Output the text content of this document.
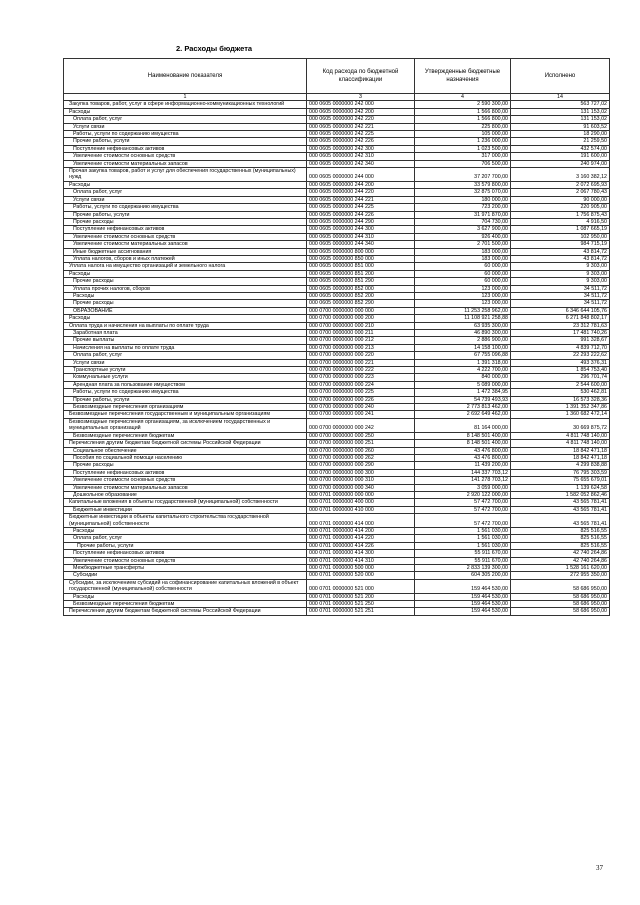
2. Расходы бюджета
Наименование показателя	Код расхода по бюджетной классификации	Утвержденные бюджетные назначения	Исполнено
1	3	4	14
Закупка товаров, работ, услуг в сфере информационно-коммуникационных технологий	000 0605 0000000 242 000	2 590 300,00	563 727,02
Расходы	000 0605 0000000 242 200	1 566 800,00	131 153,02
Оплата работ, услуг	000 0605 0000000 242 220	1 566 800,00	131 153,02
Услуги связи	000 0605 0000000 242 221	225 800,00	91 603,52
Работы, услуги по содержанию имущества	000 0605 0000000 242 225	105 000,00	18 290,00
Прочие работы, услуги	000 0605 0000000 242 226	1 236 000,00	21 259,50
Поступление нефинансовых активов	000 0605 0000000 242 300	1 023 500,00	432 574,00
Увеличение стоимости основных средств	000 0605 0000000 242 310	317 000,00	191 600,00
Увеличение стоимости материальных запасов	000 0605 0000000 242 340	706 500,00	240 974,00
Прочая закупка товаров, работ и услуг для обеспечения государственных (муниципальных) нужд	000 0605 0000000 244 000	37 207 700,00	3 160 382,12
Расходы	000 0605 0000000 244 200	33 579 800,00	2 072 695,93
Оплата работ, услуг	000 0605 0000000 244 220	32 875 070,00	2 067 780,43
Услуги связи	000 0605 0000000 244 221	180 000,00	90 000,00
Работы, услуги по содержанию имущества	000 0605 0000000 244 225	723 200,00	220 905,00
Прочие работы, услуги	000 0605 0000000 244 226	31 971 870,00	1 756 875,43
Прочие расходы	000 0605 0000000 244 290	704 730,00	4 916,50
Поступление нефинансовых активов	000 0605 0000000 244 300	3 627 900,00	1 087 665,19
Увеличение стоимости основных средств	000 0605 0000000 244 310	926 400,00	102 950,00
Увеличение стоимости материальных запасов	000 0605 0000000 244 340	2 701 500,00	984 715,19
Иные бюджетные ассигнования	000 0605 0000000 800 000	183 000,00	43 814,72
Уплата налогов, сборов и иных платежей	000 0605 0000000 850 000	183 000,00	43 814,72
Уплата налога на имущество организаций и земельного налога	000 0605 0000000 851 000	60 000,00	9 303,00
Расходы	000 0605 0000000 851 200	60 000,00	9 303,00
Прочие расходы	000 0605 0000000 851 290	60 000,00	9 303,00
Уплата прочих налогов, сборов	000 0605 0000000 852 000	123 000,00	34 511,72
Расходы	000 0605 0000000 852 200	123 000,00	34 511,72
Прочие расходы	000 0605 0000000 852 290	123 000,00	34 511,72
ОБРАЗОВАНИЕ	000 0700 0000000 000 000	11 253 258 962,00	6 346 644 105,76
Расходы	000 0700 0000000 000 200	11 108 921 258,88	6 271 848 802,17
Оплата труда и начисления на выплаты по оплате труда	000 0700 0000000 000 210	63 935 300,00	23 312 781,63
Заработная плата	000 0700 0000000 000 211	46 890 300,00	17 481 740,26
Прочие выплаты	000 0700 0000000 000 212	2 886 900,00	991 328,67
Начисления на выплаты по оплате труда	000 0700 0000000 000 213	14 158 100,00	4 839 712,70
Оплата работ, услуг	000 0700 0000000 000 220	67 755 096,88	22 293 222,62
Услуги связи	000 0700 0000000 000 221	1 391 318,00	493 376,31
Транспортные услуги	000 0700 0000000 000 222	4 222 700,00	1 854 753,40
Коммунальные услуги	000 0700 0000000 000 223	840 000,00	296 701,74
Арендная плата за пользование имуществом	000 0700 0000000 000 224	5 089 000,00	2 544 600,00
Работы, услуги по содержанию имущества	000 0700 0000000 000 225	1 472 384,95	530 462,81
Прочие работы, услуги	000 0700 0000000 000 226	54 739 493,93	16 573 328,36
Безвозмездные перечисления организациям	000 0700 0000000 000 240	2 773 813 462,00	1 391 352 347,86
Безвозмездные перечисления государственным и муниципальным организациям	000 0700 0000000 000 241	2 692 649 462,00	1 360 682 472,14
Безвозмездные перечисления организациям, за исключением государственных и муниципальных организаций	000 0700 0000000 000 242	81 164 000,00	30 669 875,72
Безвозмездные перечисления бюджетам	000 0700 0000000 000 250	8 148 501 400,00	4 811 748 140,00
Перечисления другим бюджетам бюджетной системы Российской Федерации	000 0700 0000000 000 251	8 148 501 400,00	4 811 748 140,00
Социальное обеспечение	000 0700 0000000 000 260	43 476 800,00	18 842 471,18
Пособия по социальной помощи населению	000 0700 0000000 000 262	43 476 800,00	18 842 471,18
Прочие расходы	000 0700 0000000 000 290	11 439 200,00	4 299 838,88
Поступление нефинансовых активов	000 0700 0000000 000 300	144 337 703,12	76 795 303,59
Увеличение стоимости основных средств	000 0700 0000000 000 310	141 278 703,12	75 655 679,01
Увеличение стоимости материальных запасов	000 0700 0000000 000 340	3 059 000,00	1 139 624,58
Дошкольное образование	000 0701 0000000 000 000	2 920 122 000,00	1 582 052 862,46
Капитальные вложения в объекты государственной (муниципальной) собственности	000 0701 0000000 400 000	57 472 700,00	43 565 781,41
Бюджетные инвестиции	000 0701 0000000 410 000	57 472 700,00	43 565 781,41
Бюджетные инвестиции в объекты капитального строительства государственной (муниципальной) собственности	000 0701 0000000 414 000	57 472 700,00	43 565 781,41
Расходы	000 0701 0000000 414 200	1 561 030,00	825 516,55
Оплата работ, услуг	000 0701 0000000 414 220	1 561 030,00	825 516,55
Прочие работы, услуги	000 0701 0000000 414 226	1 561 030,00	825 516,55
Поступление нефинансовых активов	000 0701 0000000 414 300	55 911 670,00	42 740 264,86
Увеличение стоимости основных средств	000 0701 0000000 414 310	55 911 670,00	42 740 264,86
Межбюджетные трансферты	000 0701 0000000 500 000	2 833 139 300,00	1 528 161 620,00
Субсидии	000 0701 0000000 520 000	604 305 200,00	272 955 350,00
Субсидии, за исключением субсидий на софинансирование капитальных вложений в объект государственной (муниципальной) собственности	000 0701 0000000 521 000	159 464 530,00	58 686 950,00
Расходы	000 0701 0000000 521 200	159 464 530,00	58 686 950,00
Безвозмездные перечисления бюджетам	000 0701 0000000 521 250	159 464 530,00	58 686 950,00
Перечисления другим бюджетам бюджетной системы Российской Федерации	000 0701 0000000 521 251	159 464 530,00	58 686 950,00
37
